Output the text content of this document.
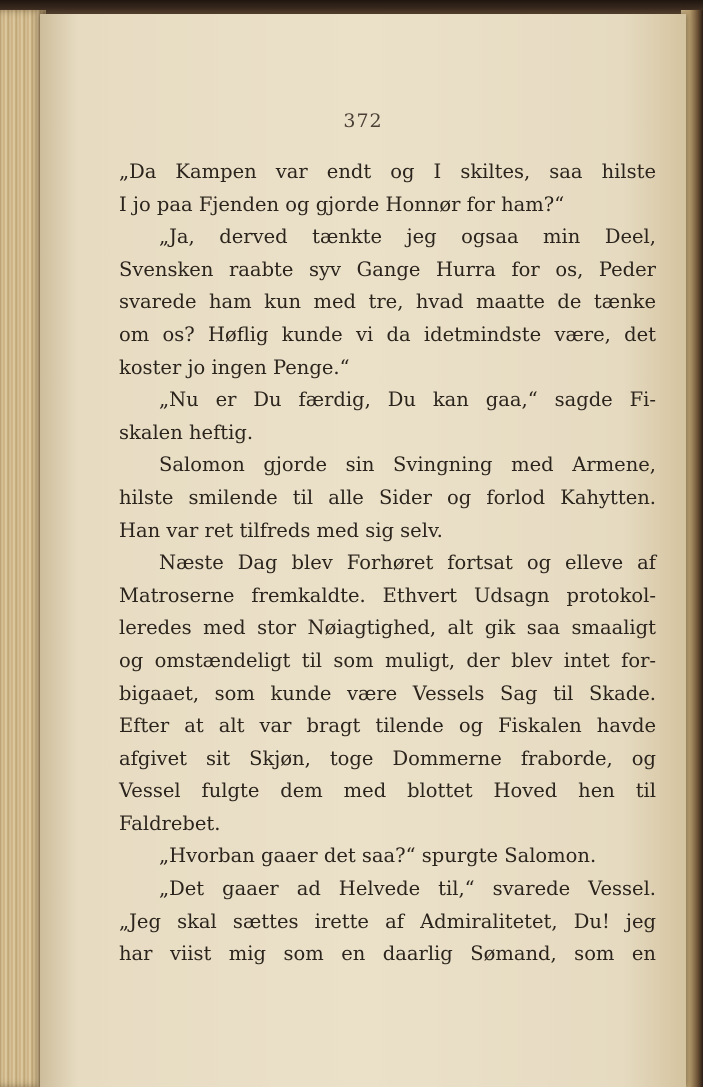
372
„Da Kampen var endt og I skiltes, saa hilste
I jo paa Fjenden og gjorde Honnør for ham?“
„Ja, derved tænkte jeg ogsaa min Deel,
Svensken raabte syv Gange Hurra for os, Peder
svarede ham kun med tre, hvad maatte de tænke
om os? Høflig kunde vi da idetmindste være, det
koster jo ingen Penge.“
„Nu er Du færdig, Du kan gaa,“ sagde Fi-
skalen heftig.
Salomon gjorde sin Svingning med Armene,
hilste smilende til alle Sider og forlod Kahytten.
Han var ret tilfreds med sig selv.
Næste Dag blev Forhøret fortsat og elleve af
Matroserne fremkaldte. Ethvert Udsagn protokol-
leredes med stor Nøiagtighed, alt gik saa smaaligt
og omstændeligt til som muligt, der blev intet for-
bigaaet, som kunde være Vessels Sag til Skade.
Efter at alt var bragt tilende og Fiskalen havde
afgivet sit Skjøn, toge Dommerne fraborde, og
Vessel fulgte dem med blottet Hoved hen til
Faldrebet.
„Hvorban gaaer det saa?“ spurgte Salomon.
„Det gaaer ad Helvede til,“ svarede Vessel.
„Jeg skal sættes irette af Admiralitetet, Du! jeg
har viist mig som en daarlig Sømand, som en
